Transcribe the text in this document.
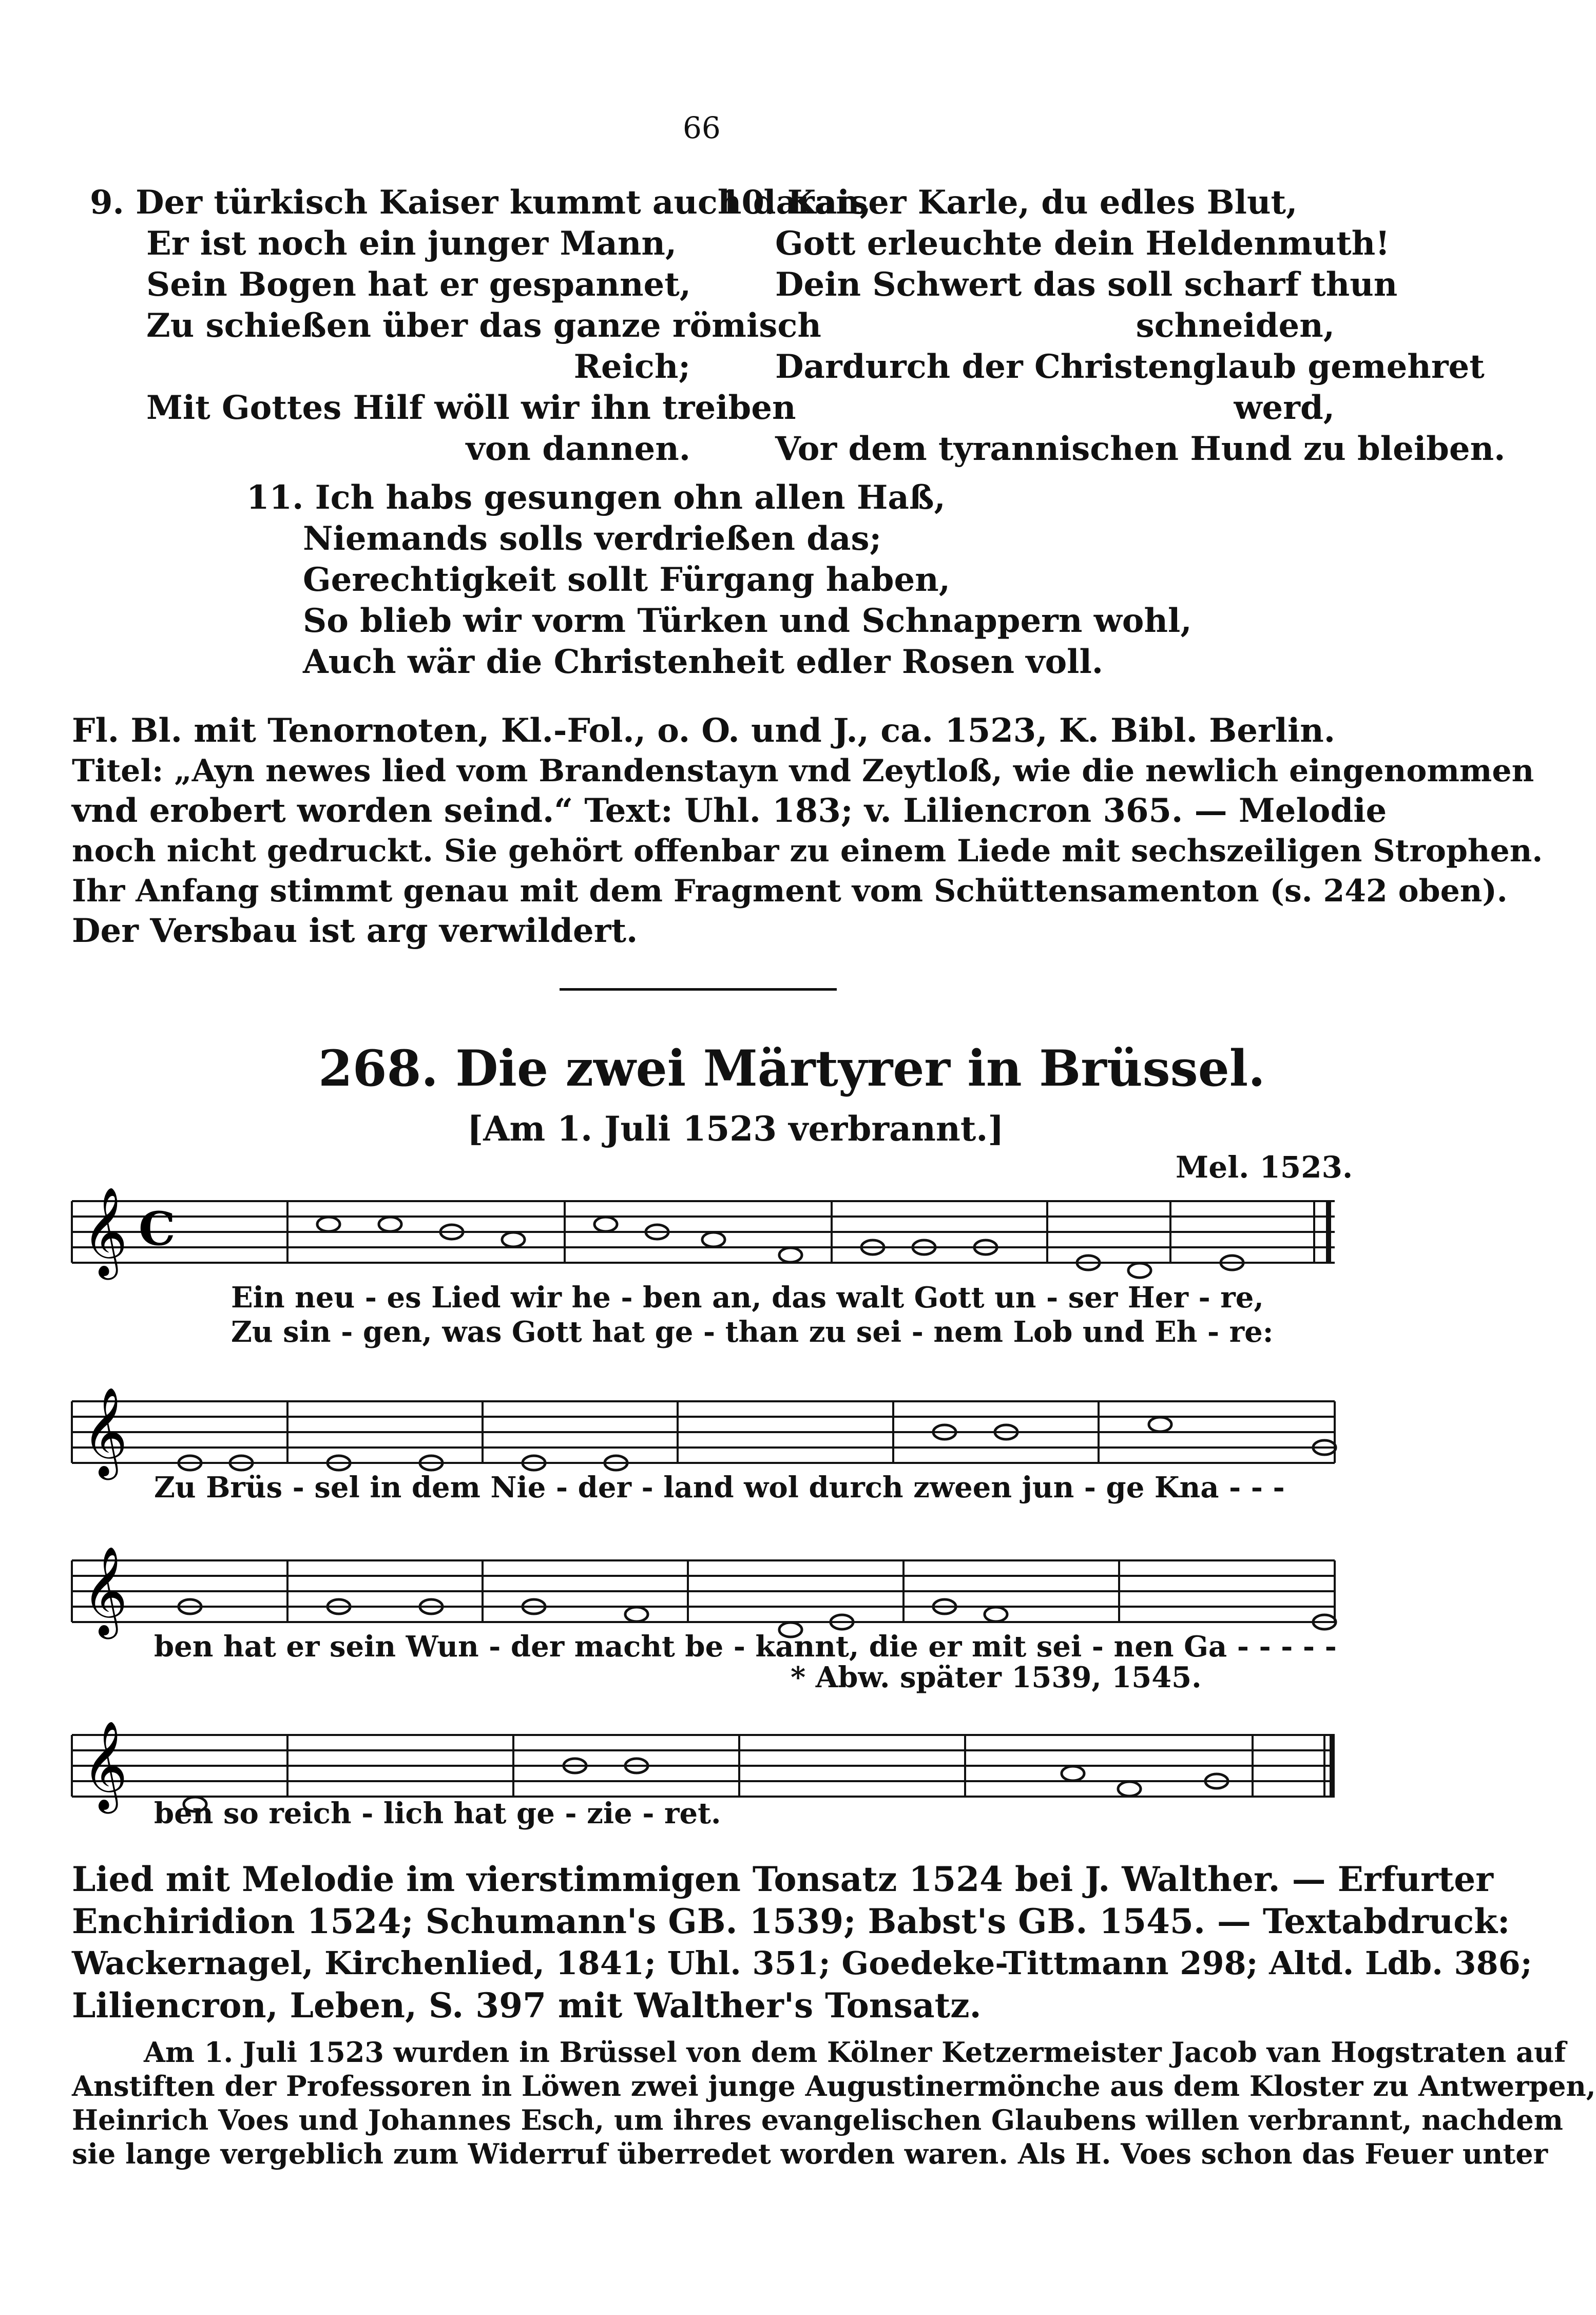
66
9. Der türkisch Kaiser kummt auch daran,
Er ist noch ein junger Mann,
Sein Bogen hat er gespannet,
Zu schießen über das ganze römisch
Reich;
Mit Gottes Hilf wöll wir ihn treiben
von dannen.
10. Kaiser Karle, du edles Blut,
Gott erleuchte dein Heldenmuth!
Dein Schwert das soll scharf thun
schneiden,
Dardurch der Christenglaub gemehret
werd,
Vor dem tyrannischen Hund zu bleiben.
11. Ich habs gesungen ohn allen Haß,
Niemands solls verdrießen das;
Gerechtigkeit sollt Fürgang haben,
So blieb wir vorm Türken und Schnappern wohl,
Auch wär die Christenheit edler Rosen voll.
Fl. Bl. mit Tenornoten, Kl.-Fol., o. O. und J., ca. 1523, K. Bibl. Berlin.
Titel: „Ayn newes lied vom Brandenstayn vnd Zeytloß, wie die newlich eingenommen
vnd erobert worden seind.“ Text: Uhl. 183; v. Liliencron 365. — Melodie
noch nicht gedruckt. Sie gehört offenbar zu einem Liede mit sechszeiligen Strophen.
Ihr Anfang stimmt genau mit dem Fragment vom Schüttensamenton (s. 242 oben).
Der Versbau ist arg verwildert.
268. Die zwei Märtyrer in Brüssel.
[Am 1. Juli 1523 verbrannt.]
Mel. 1523.
𝄞 C
Ein neu - es Lied wir he - ben an, das walt Gott un - ser Her - re,
Zu sin - gen, was Gott hat ge - than zu sei - nem Lob und Eh - re:
𝄞
Zu Brüs - sel in dem Nie - der - land wol durch zween jun - ge Kna - - -
𝄞
ben hat er sein Wun - der macht be - kannt, die er mit sei - nen Ga - - - - -
* Abw. später 1539, 1545.
𝄞
ben so reich - lich hat ge - zie - ret.
Lied mit Melodie im vierstimmigen Tonsatz 1524 bei J. Walther. — Erfurter
Enchiridion 1524; Schumann's GB. 1539; Babst's GB. 1545. — Textabdruck:
Wackernagel, Kirchenlied, 1841; Uhl. 351; Goedeke-Tittmann 298; Altd. Ldb. 386;
Liliencron, Leben, S. 397 mit Walther's Tonsatz.
Am 1. Juli 1523 wurden in Brüssel von dem Kölner Ketzermeister Jacob van Hogstraten auf
Anstiften der Professoren in Löwen zwei junge Augustinermönche aus dem Kloster zu Antwerpen,
Heinrich Voes und Johannes Esch, um ihres evangelischen Glaubens willen verbrannt, nachdem
sie lange vergeblich zum Widerruf überredet worden waren. Als H. Voes schon das Feuer unter
